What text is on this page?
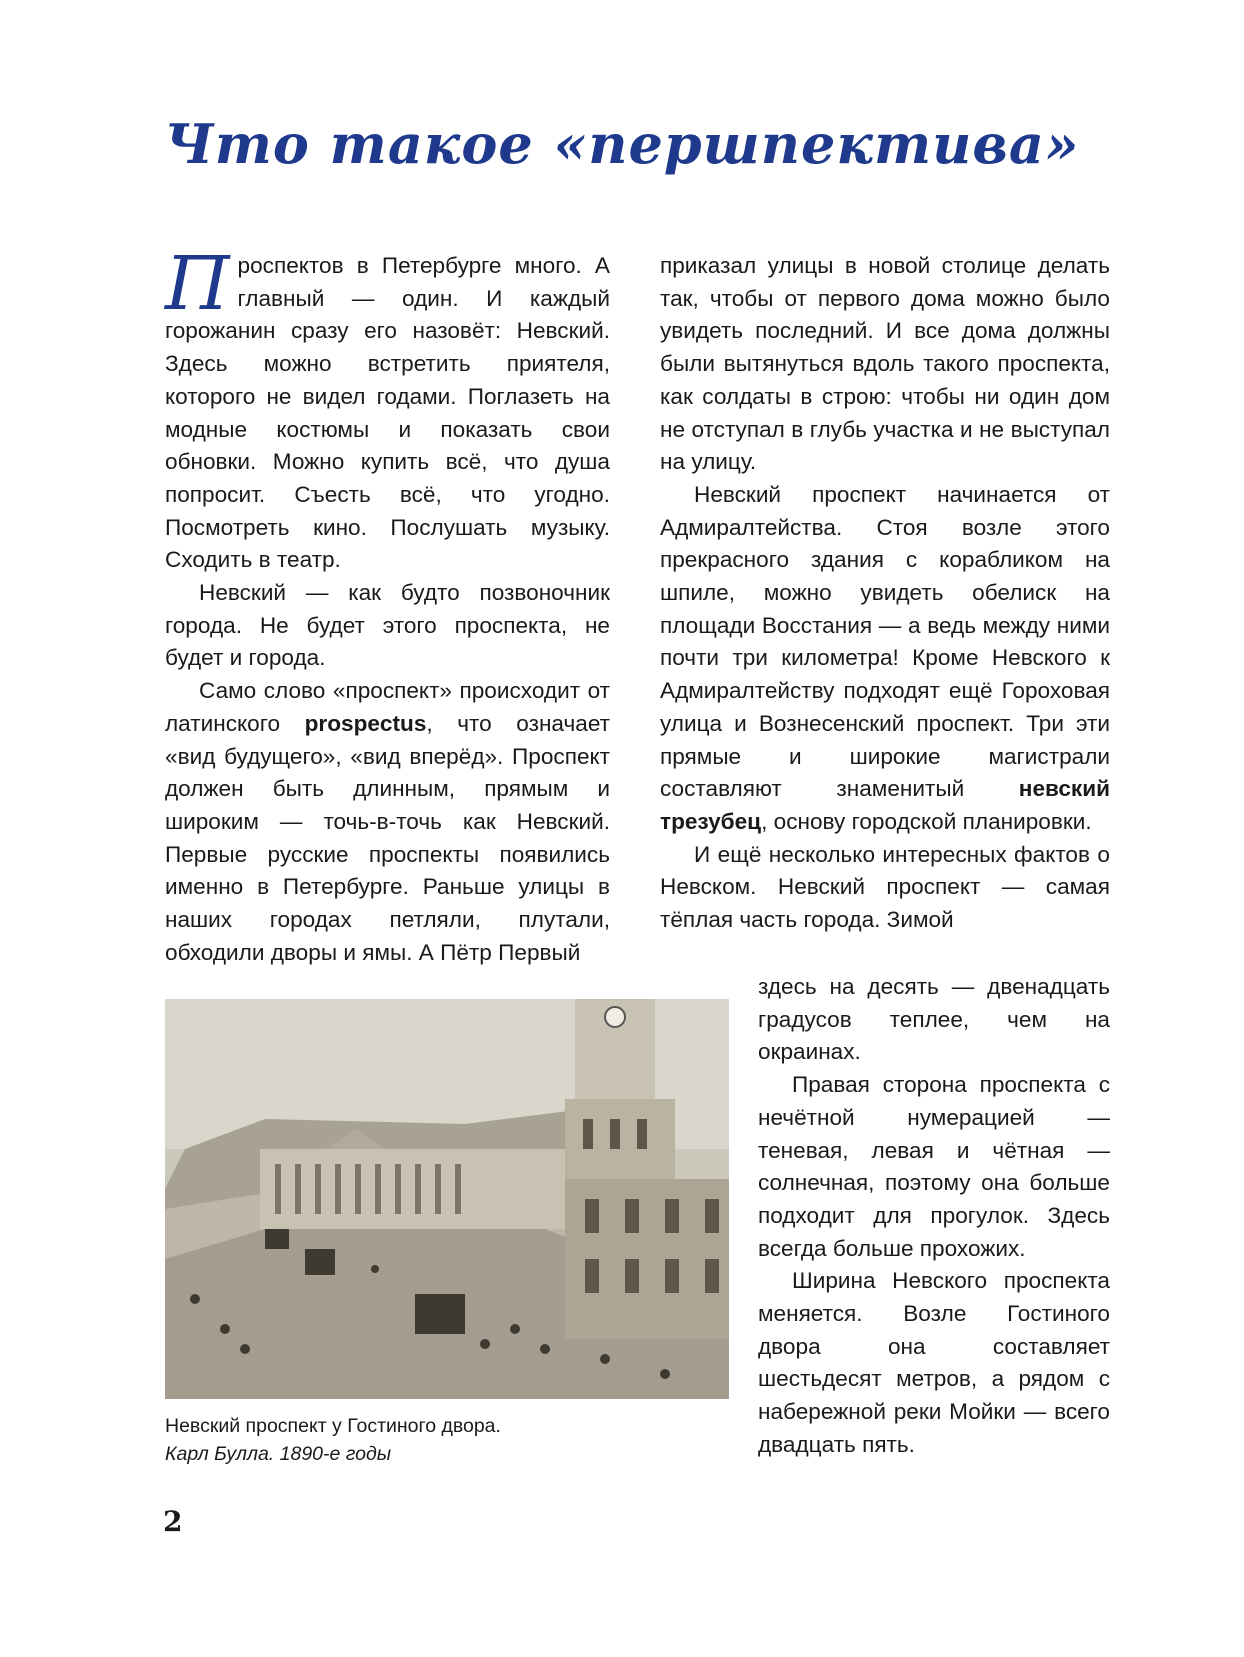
Что такое «першпектива»

Проспектов в Петербурге много. А главный — один. И каждый горожанин сразу его назовёт: Невский. Здесь можно встретить приятеля, которого не видел годами. Поглазеть на модные костюмы и показать свои обновки. Можно купить всё, что душа попросит. Съесть всё, что угодно. Посмотреть кино. Послушать музыку. Сходить в театр.

Невский — как будто позвоночник города. Не будет этого проспекта, не будет и города.

Само слово «проспект» происходит от латинского prospectus, что означает «вид будущего», «вид вперёд». Проспект должен быть длинным, прямым и широким — точь-в-точь как Невский. Первые русские проспекты появились именно в Петербурге. Раньше улицы в наших городах петляли, плутали, обходили дворы и ямы. А Пётр Первый

приказал улицы в новой столице делать так, чтобы от первого дома можно было увидеть последний. И все дома должны были вытянуться вдоль такого проспекта, как солдаты в строю: чтобы ни один дом не отступал в глубь участка и не выступал на улицу.

Невский проспект начинается от Адмиралтейства. Стоя возле этого прекрасного здания с корабликом на шпиле, можно увидеть обелиск на площади Восстания — а ведь между ними почти три километра! Кроме Невского к Адмиралтейству подходят ещё Гороховая улица и Вознесенский проспект. Три эти прямые и широкие магистрали составляют знаменитый невский трезубец, основу городской планировки.

И ещё несколько интересных фактов о Невском. Невский проспект — самая тёплая часть города. Зимой

здесь на десять — двенадцать градусов теплее, чем на окраинах.

Правая сторона проспекта с нечётной нумерацией — теневая, левая и чётная — солнечная, поэтому она больше подходит для прогулок. Здесь всегда больше прохожих.

Ширина Невского проспекта меняется. Возле Гостиного двора она составляет шестьдесят метров, а рядом с набережной реки Мойки — всего двадцать пять.

Невский проспект у Гостиного двора.
Карл Булла. 1890-е годы
2
